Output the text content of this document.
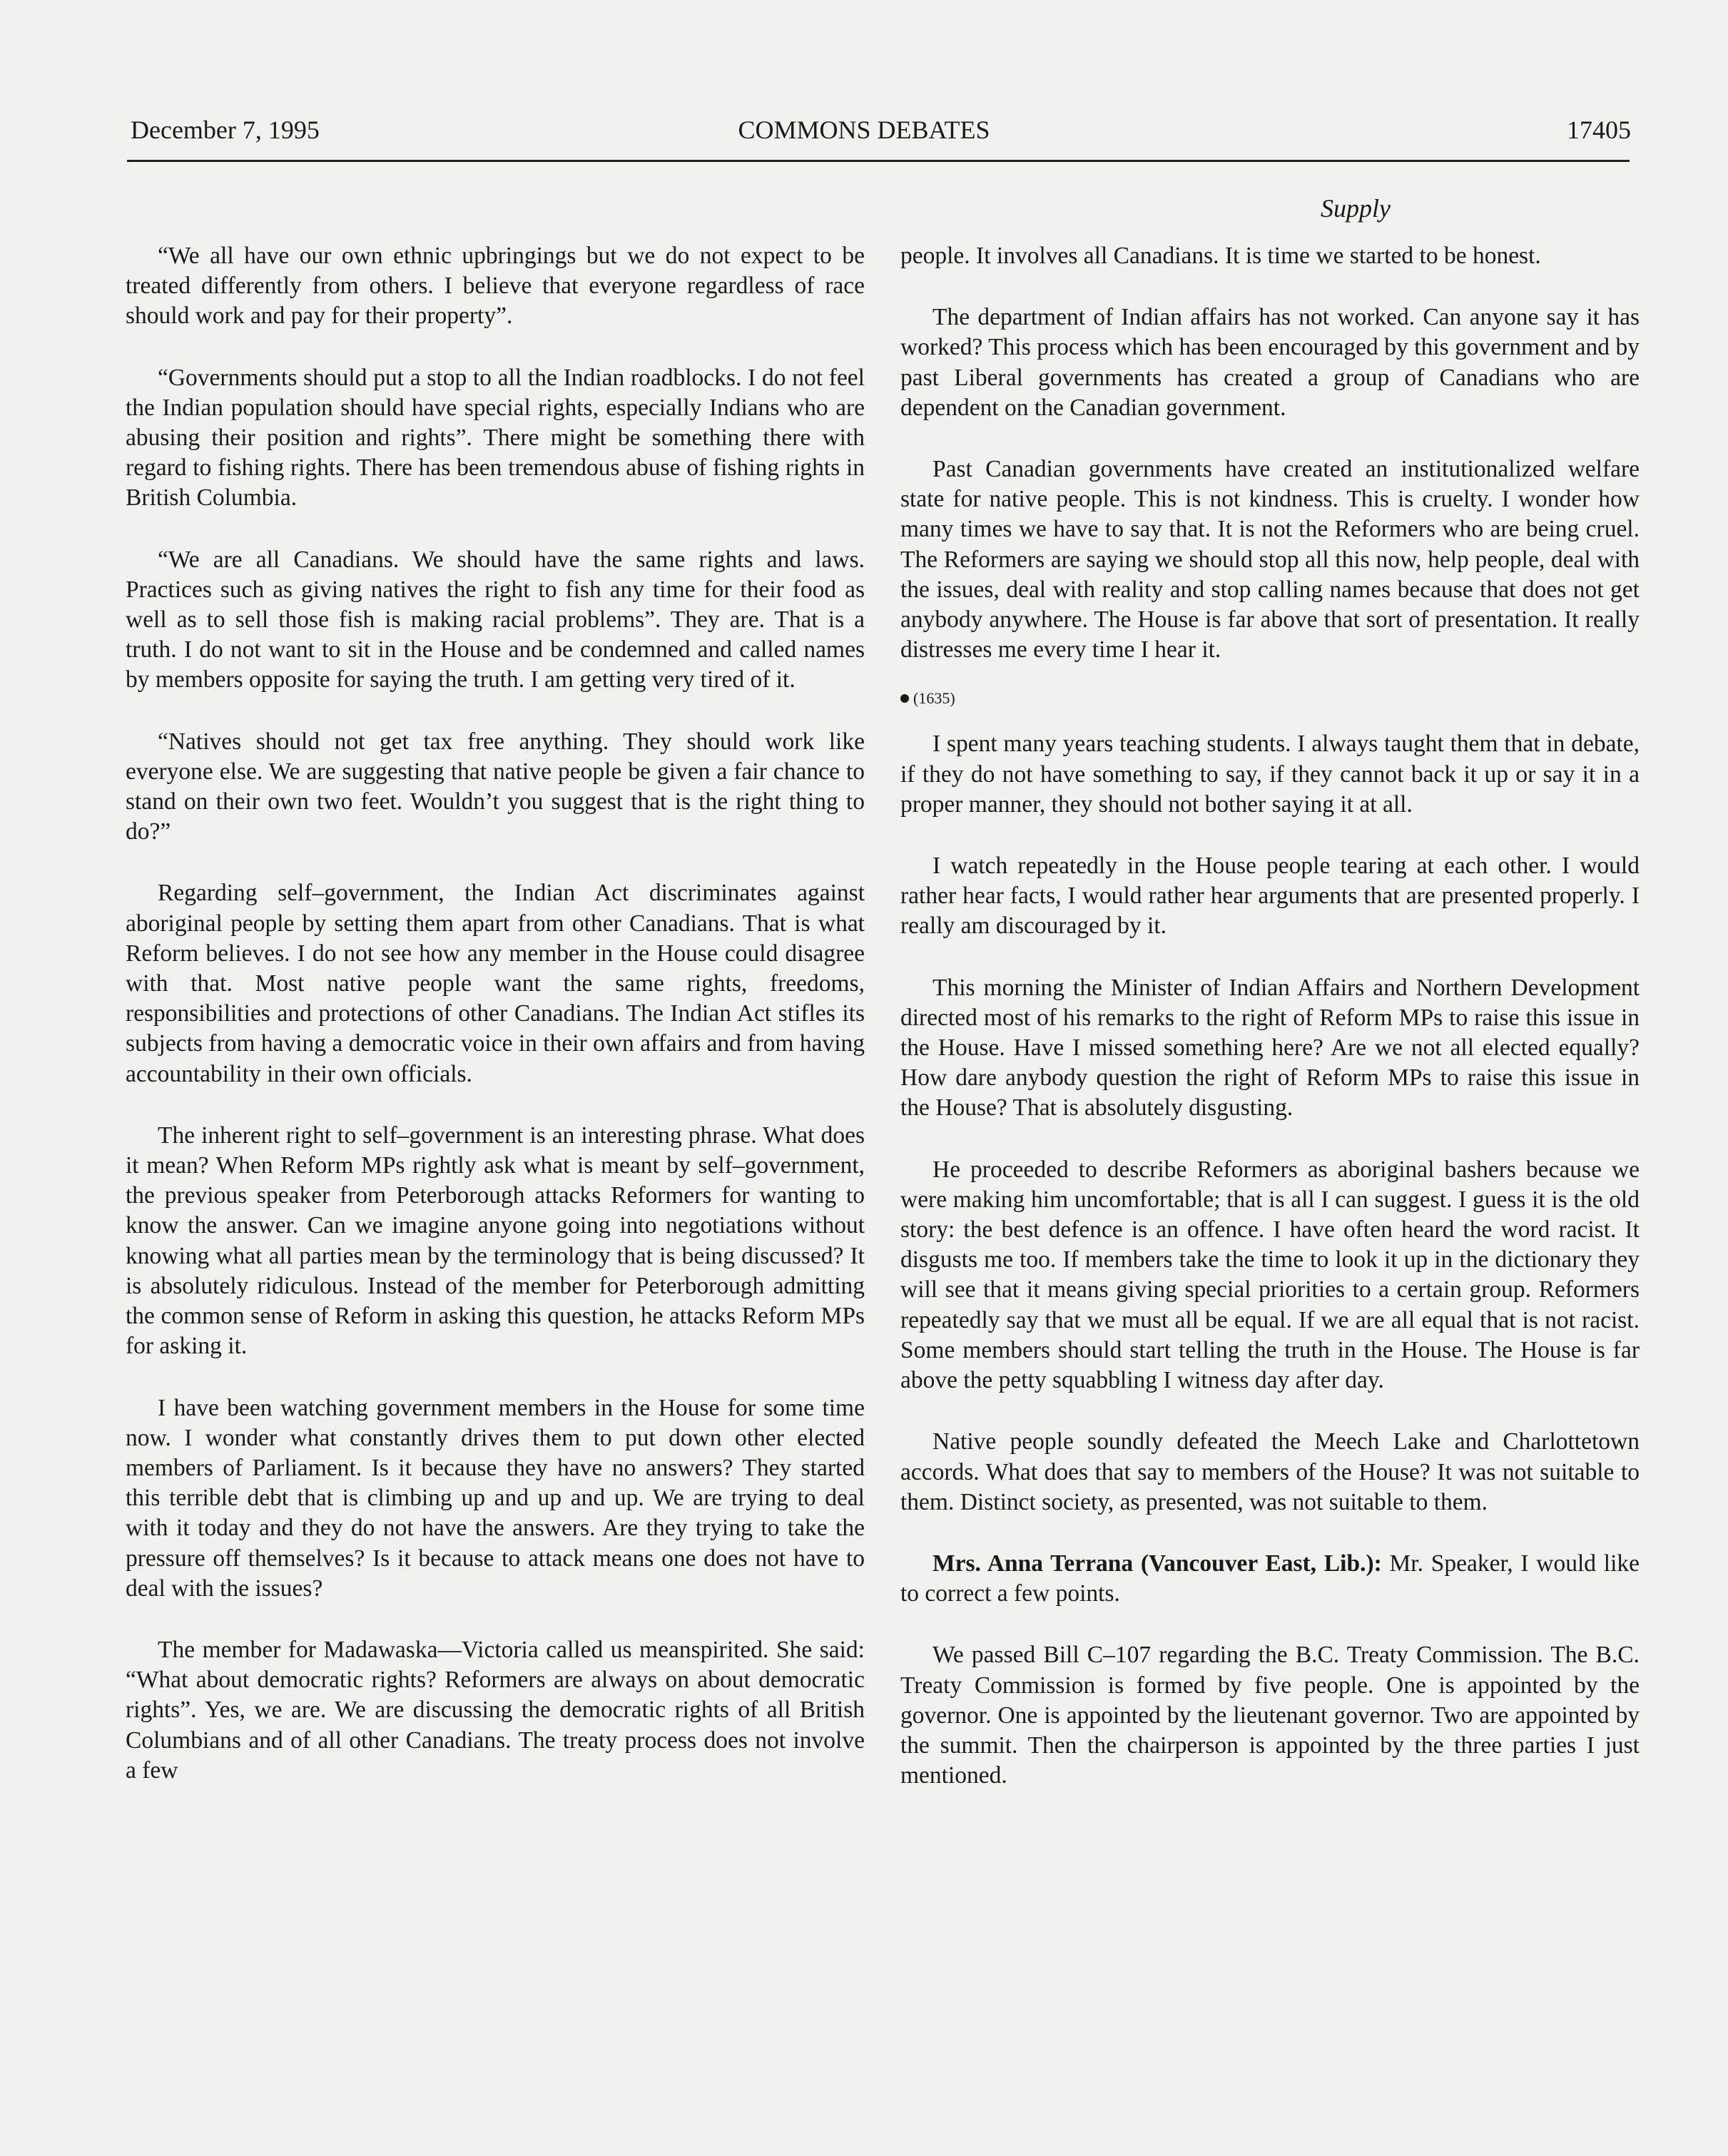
December 7, 1995	COMMONS DEBATES	17405
Supply

“We all have our own ethnic upbringings but we do not expect to be treated differently from others. I believe that everyone regardless of race should work and pay for their property”.

“Governments should put a stop to all the Indian roadblocks. I do not feel the Indian population should have special rights, especially Indians who are abusing their position and rights”. There might be something there with regard to fishing rights. There has been tremendous abuse of fishing rights in British Columbia.

“We are all Canadians. We should have the same rights and laws. Practices such as giving natives the right to fish any time for their food as well as to sell those fish is making racial problems”. They are. That is a truth. I do not want to sit in the House and be condemned and called names by members opposite for saying the truth. I am getting very tired of it.

“Natives should not get tax free anything. They should work like everyone else. We are suggesting that native people be given a fair chance to stand on their own two feet. Wouldn’t you suggest that is the right thing to do?”

Regarding self–government, the Indian Act discriminates against aboriginal people by setting them apart from other Canadians. That is what Reform believes. I do not see how any member in the House could disagree with that. Most native people want the same rights, freedoms, responsibilities and protections of other Canadians. The Indian Act stifles its subjects from having a democratic voice in their own affairs and from having accountability in their own officials.

The inherent right to self–government is an interesting phrase. What does it mean? When Reform MPs rightly ask what is meant by self–government, the previous speaker from Peterborough attacks Reformers for wanting to know the answer. Can we imagine anyone going into negotiations without knowing what all parties mean by the terminology that is being discussed? It is absolutely ridiculous. Instead of the member for Peterborough admitting the common sense of Reform in asking this question, he attacks Reform MPs for asking it.

I have been watching government members in the House for some time now. I wonder what constantly drives them to put down other elected members of Parliament. Is it because they have no answers? They started this terrible debt that is climbing up and up and up. We are trying to deal with it today and they do not have the answers. Are they trying to take the pressure off themselves? Is it because to attack means one does not have to deal with the issues?

The member for Madawaska—Victoria called us meanspirited. She said: “What about democratic rights? Reformers are always on about democratic rights”. Yes, we are. We are discussing the democratic rights of all British Columbians and of all other Canadians. The treaty process does not involve a few

people. It involves all Canadians. It is time we started to be honest.

The department of Indian affairs has not worked. Can anyone say it has worked? This process which has been encouraged by this government and by past Liberal governments has created a group of Canadians who are dependent on the Canadian government.

Past Canadian governments have created an institutionalized welfare state for native people. This is not kindness. This is cruelty. I wonder how many times we have to say that. It is not the Reformers who are being cruel. The Reformers are saying we should stop all this now, help people, deal with the issues, deal with reality and stop calling names because that does not get anybody anywhere. The House is far above that sort of presentation. It really distresses me every time I hear it.

(1635)

I spent many years teaching students. I always taught them that in debate, if they do not have something to say, if they cannot back it up or say it in a proper manner, they should not bother saying it at all.

I watch repeatedly in the House people tearing at each other. I would rather hear facts, I would rather hear arguments that are presented properly. I really am discouraged by it.

This morning the Minister of Indian Affairs and Northern Development directed most of his remarks to the right of Reform MPs to raise this issue in the House. Have I missed something here? Are we not all elected equally? How dare anybody question the right of Reform MPs to raise this issue in the House? That is absolutely disgusting.

He proceeded to describe Reformers as aboriginal bashers because we were making him uncomfortable; that is all I can suggest. I guess it is the old story: the best defence is an offence. I have often heard the word racist. It disgusts me too. If members take the time to look it up in the dictionary they will see that it means giving special priorities to a certain group. Reformers repeatedly say that we must all be equal. If we are all equal that is not racist. Some members should start telling the truth in the House. The House is far above the petty squabbling I witness day after day.

Native people soundly defeated the Meech Lake and Charlottetown accords. What does that say to members of the House? It was not suitable to them. Distinct society, as presented, was not suitable to them.

Mrs. Anna Terrana (Vancouver East, Lib.): Mr. Speaker, I would like to correct a few points.

We passed Bill C–107 regarding the B.C. Treaty Commission. The B.C. Treaty Commission is formed by five people. One is appointed by the governor. One is appointed by the lieutenant governor. Two are appointed by the summit. Then the chairperson is appointed by the three parties I just mentioned.
